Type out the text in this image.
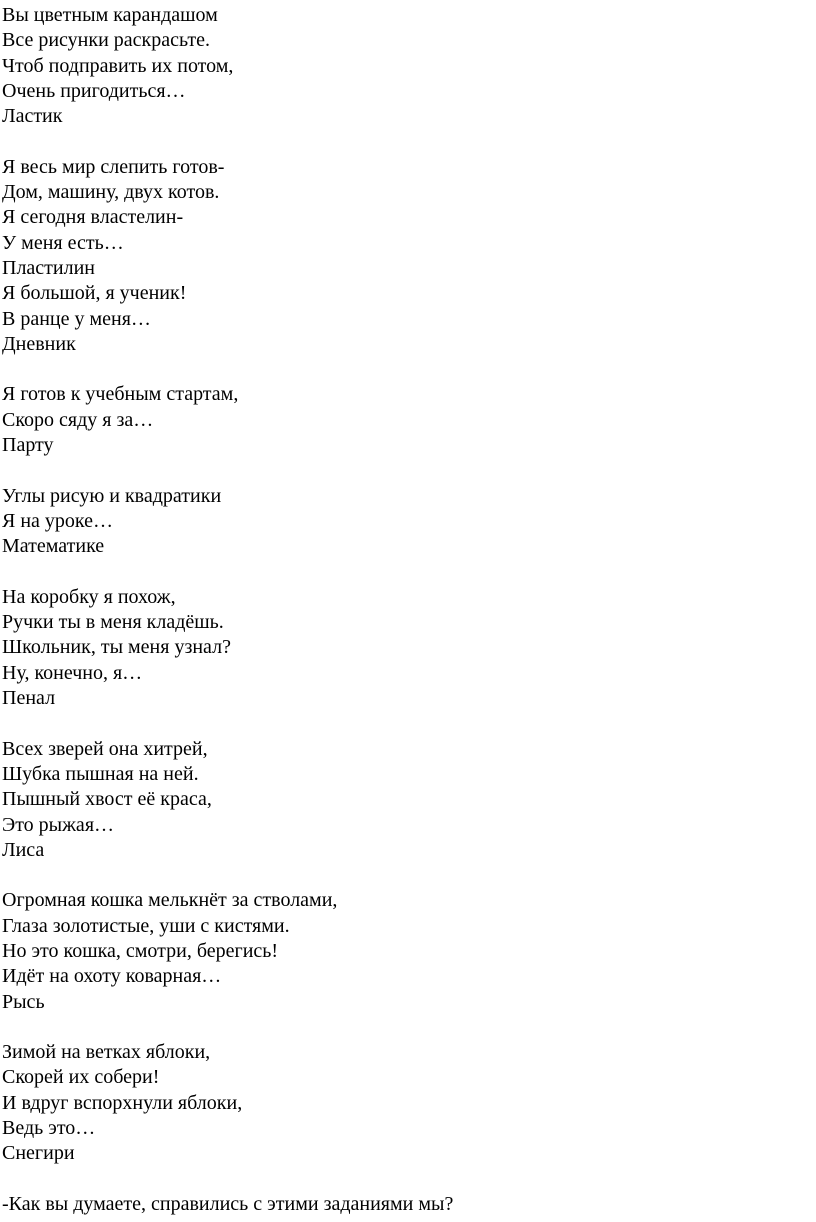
Вы цветным карандашом
Все рисунки раскрасьте.
Чтоб подправить их потом,
Очень пригодиться…
Ластик
Я весь мир слепить готов-
Дом, машину, двух котов.
Я сегодня властелин-
У меня есть…
Пластилин
Я большой, я ученик!
В ранце у меня…
Дневник
Я готов к учебным стартам,
Скоро сяду я за…
Парту
Углы рисую и квадратики
Я на уроке…
Математике
На коробку я похож,
Ручки ты в меня кладёшь.
Школьник, ты меня узнал?
Ну, конечно, я…
Пенал
Всех зверей она хитрей,
Шубка пышная на ней.
Пышный хвост её краса,
Это рыжая…
Лиса
Огромная кошка мелькнёт за стволами,
Глаза золотистые, уши с кистями.
Но это кошка, смотри, берегись!
Идёт на охоту коварная…
Рысь
Зимой на ветках яблоки,
Скорей их собери!
И вдруг вспорхнули яблоки,
Ведь это…
Снегири
-Как вы думаете, справились с этими заданиями мы?
